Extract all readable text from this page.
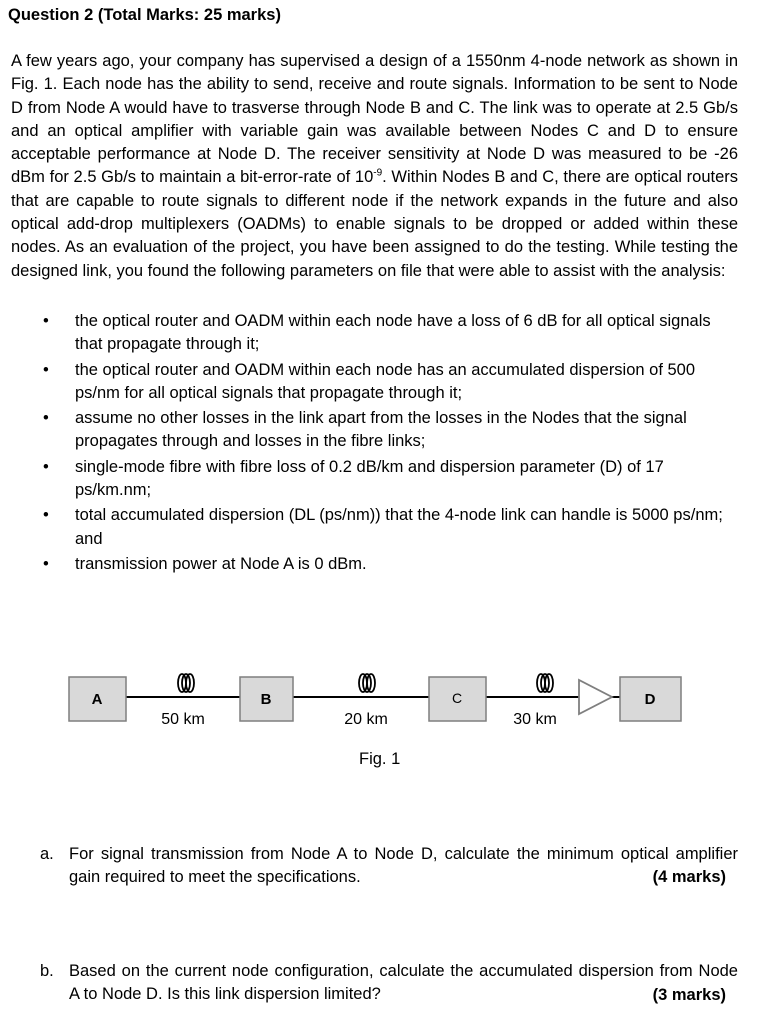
Question 2 (Total Marks: 25 marks)
A few years ago, your company has supervised a design of a 1550nm 4-node network as shown in Fig. 1. Each node has the ability to send, receive and route signals. Information to be sent to Node D from Node A would have to trasverse through Node B and C. The link was to operate at 2.5 Gb/s and an optical amplifier with variable gain was available between Nodes C and D to ensure acceptable performance at Node D. The receiver sensitivity at Node D was measured to be -26 dBm for 2.5 Gb/s to maintain a bit-error-rate of $10^{-9}$. Within Nodes B and C, there are optical routers that are capable to route signals to different node if the network expands in the future and also optical add-drop multiplexers (OADMs) to enable signals to be dropped or added within these nodes. As an evaluation of the project, you have been assigned to do the testing. While testing the designed link, you found the following parameters on file that were able to assist with the analysis:
• the optical router and OADM within each node have a loss of 6 dB for all optical signals that propagate through it;
• the optical router and OADM within each node has an accumulated dispersion of 500 ps/nm for all optical signals that propagate through it;
• assume no other losses in the link apart from the losses in the Nodes that the signal propagates through and losses in the fibre links;
• single-mode fibre with fibre loss of 0.2 dB/km and dispersion parameter (D) of 17 ps/km.nm;
• total accumulated dispersion (DL (ps/nm)) that the 4-node link can handle is 5000 ps/nm; and
• transmission power at Node A is 0 dBm.
A	B	C	D
50 km	20 km	30 km
Fig. 1
a. For signal transmission from Node A to Node D, calculate the minimum optical amplifier gain required to meet the specifications.	(4 marks)
b. Based on the current node configuration, calculate the accumulated dispersion from Node A to Node D. Is this link dispersion limited?	(3 marks)
